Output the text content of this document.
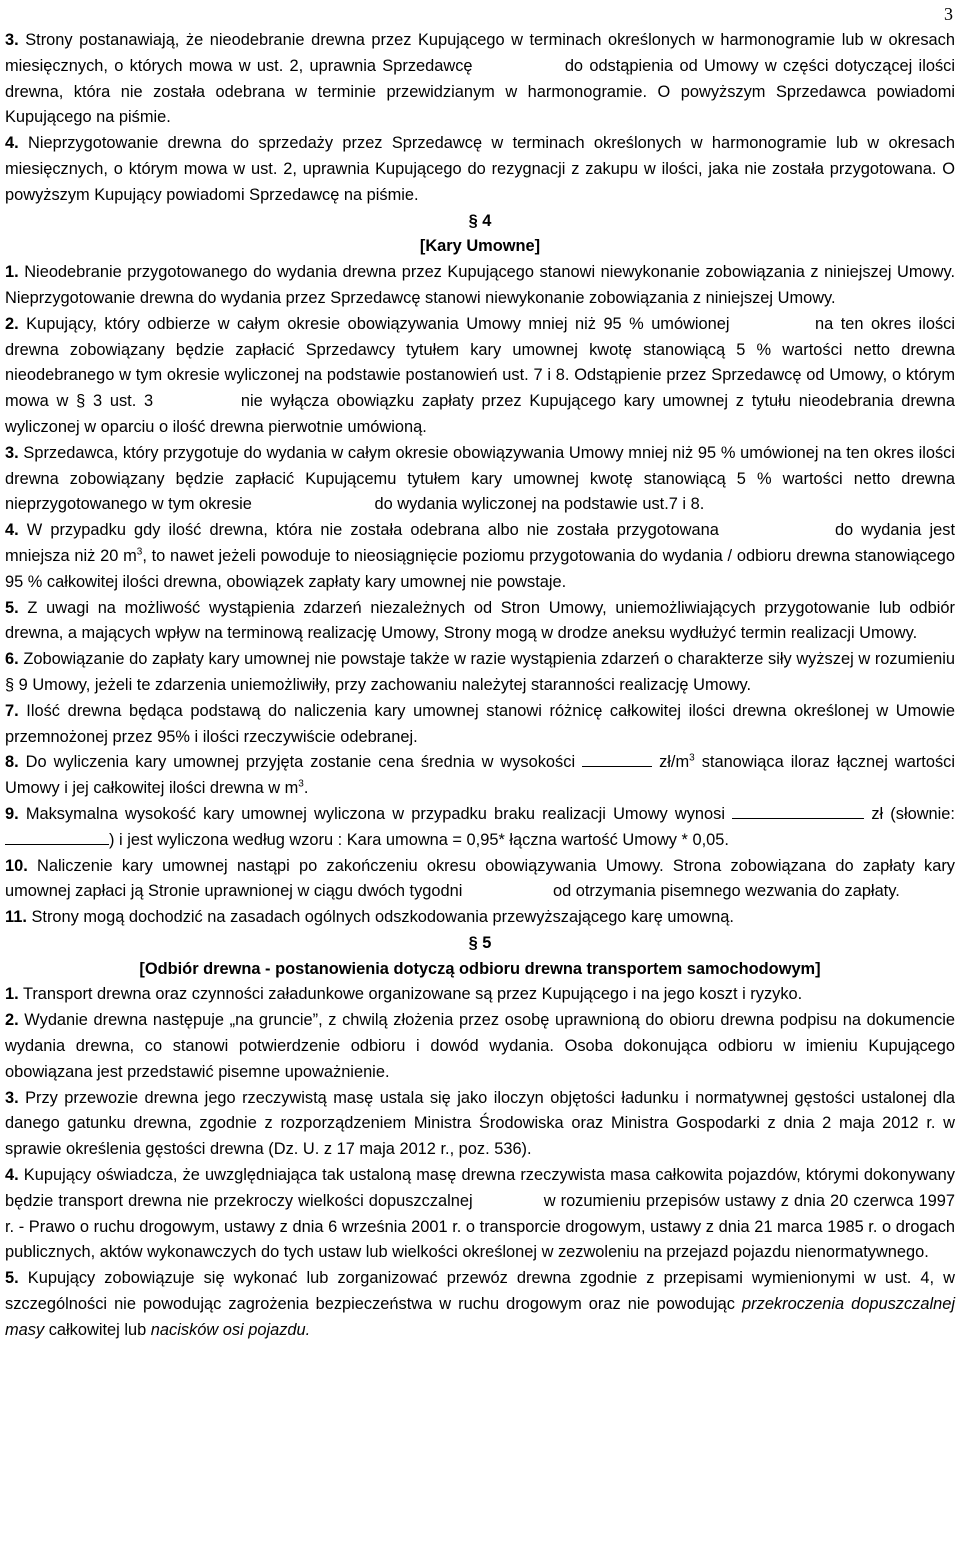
3

3. Strony postanawiają, że nieodebranie drewna przez Kupującego w terminach określonych w harmonogramie lub w okresach miesięcznych, o których mowa w ust. 2, uprawnia Sprzedawcę	do odstąpienia od Umowy w części dotyczącej ilości drewna, która nie została odebrana w terminie przewidzianym w harmonogramie. O powyższym Sprzedawca powiadomi Kupującego na piśmie.

4. Nieprzygotowanie drewna do sprzedaży przez Sprzedawcę w terminach określonych w harmonogramie lub w okresach miesięcznych, o którym mowa w ust. 2, uprawnia Kupującego do rezygnacji z zakupu w ilości, jaka nie została przygotowana. O powyższym Kupujący powiadomi Sprzedawcę na piśmie.

§ 4

[Kary Umowne]

1. Nieodebranie przygotowanego do wydania drewna przez Kupującego stanowi niewykonanie zobowiązania z niniejszej Umowy. Nieprzygotowanie drewna do wydania przez Sprzedawcę stanowi niewykonanie zobowiązania z niniejszej Umowy.

2. Kupujący, który odbierze w całym okresie obowiązywania Umowy mniej niż 95 % umówionej	na ten okres ilości drewna zobowiązany będzie zapłacić Sprzedawcy tytułem kary umownej kwotę stanowiącą 5 % wartości netto drewna nieodebranego w tym okresie wyliczonej na podstawie postanowień ust. 7 i 8. Odstąpienie przez Sprzedawcę od Umowy, o którym mowa w § 3 ust. 3	nie wyłącza obowiązku zapłaty przez Kupującego kary umownej z tytułu nieodebrania drewna wyliczonej w oparciu o ilość drewna pierwotnie umówioną.

3. Sprzedawca, który przygotuje do wydania w całym okresie obowiązywania Umowy mniej niż 95 % umówionej na ten okres ilości drewna zobowiązany będzie zapłacić Kupującemu tytułem kary umownej kwotę stanowiącą 5 % wartości netto drewna nieprzygotowanego w tym okresie	do wydania wyliczonej na podstawie ust.7 i 8.

4. W przypadku gdy ilość drewna, która nie została odebrana albo nie została przygotowana	do wydania jest mniejsza niż 20 $m^3$, to nawet jeżeli powoduje to nieosiągnięcie poziomu przygotowania do wydania / odbioru drewna stanowiącego 95 % całkowitej ilości drewna, obowiązek zapłaty kary umownej nie powstaje.

5. Z uwagi na możliwość wystąpienia zdarzeń niezależnych od Stron Umowy, uniemożliwiających przygotowanie lub odbiór drewna, a mających wpływ na terminową realizację Umowy, Strony mogą w drodze aneksu wydłużyć termin realizacji Umowy.

6. Zobowiązanie do zapłaty kary umownej nie powstaje także w razie wystąpienia zdarzeń o charakterze siły wyższej w rozumieniu § 9 Umowy, jeżeli te zdarzenia uniemożliwiły, przy zachowaniu należytej staranności realizację Umowy.

7. Ilość drewna będąca podstawą do naliczenia kary umownej stanowi różnicę całkowitej ilości drewna określonej w Umowie przemnożonej przez 95% i ilości rzeczywiście odebranej.

8. Do wyliczenia kary umownej przyjęta zostanie cena średnia w wysokości	$zł/m^3$ stanowiąca iloraz łącznej wartości Umowy i jej całkowitej ilości drewna w $m^3$.

9. Maksymalna wysokość kary umownej wyliczona w przypadku braku realizacji Umowy wynosi	zł (słownie: ) i jest wyliczona według wzoru : Kara umowna = 0,95* łączna wartość Umowy * 0,05.

10. Naliczenie kary umownej nastąpi po zakończeniu okresu obowiązywania Umowy. Strona zobowiązana do zapłaty kary umownej zapłaci ją Stronie uprawnionej w ciągu dwóch tygodni	od otrzymania pisemnego wezwania do zapłaty.

11. Strony mogą dochodzić na zasadach ogólnych odszkodowania przewyższającego karę umowną.

§ 5

[Odbiór drewna - postanowienia dotyczą odbioru drewna transportem samochodowym]

1. Transport drewna oraz czynności załadunkowe organizowane są przez Kupującego i na jego koszt i ryzyko.

2. Wydanie drewna następuje „na gruncie”, z chwilą złożenia przez osobę uprawnioną do obioru drewna podpisu na dokumencie wydania drewna, co stanowi potwierdzenie odbioru i dowód wydania. Osoba dokonująca odbioru w imieniu Kupującego obowiązana jest przedstawić pisemne upoważnienie.

3. Przy przewozie drewna jego rzeczywistą masę ustala się jako iloczyn objętości ładunku i normatywnej gęstości ustalonej dla danego gatunku drewna, zgodnie z rozporządzeniem Ministra Środowiska oraz Ministra Gospodarki z dnia 2 maja 2012 r. w sprawie określenia gęstości drewna (Dz. U. z 17 maja 2012 r., poz. 536).

4. Kupujący oświadcza, że uwzględniająca tak ustaloną masę drewna rzeczywista masa całkowita pojazdów, którymi dokonywany będzie transport drewna nie przekroczy wielkości dopuszczalnej	w rozumieniu przepisów ustawy z dnia 20 czerwca 1997 r. - Prawo o ruchu drogowym, ustawy z dnia 6 września 2001 r. o transporcie drogowym, ustawy z dnia 21 marca 1985 r. o drogach publicznych, aktów wykonawczych do tych ustaw lub wielkości określonej w zezwoleniu na przejazd pojazdu nienormatywnego.

5. Kupujący zobowiązuje się wykonać lub zorganizować przewóz drewna zgodnie z przepisami wymienionymi w ust. 4, w szczególności nie powodując zagrożenia bezpieczeństwa w ruchu drogowym oraz nie powodując przekroczenia dopuszczalnej masy całkowitej lub nacisków osi pojazdu.
